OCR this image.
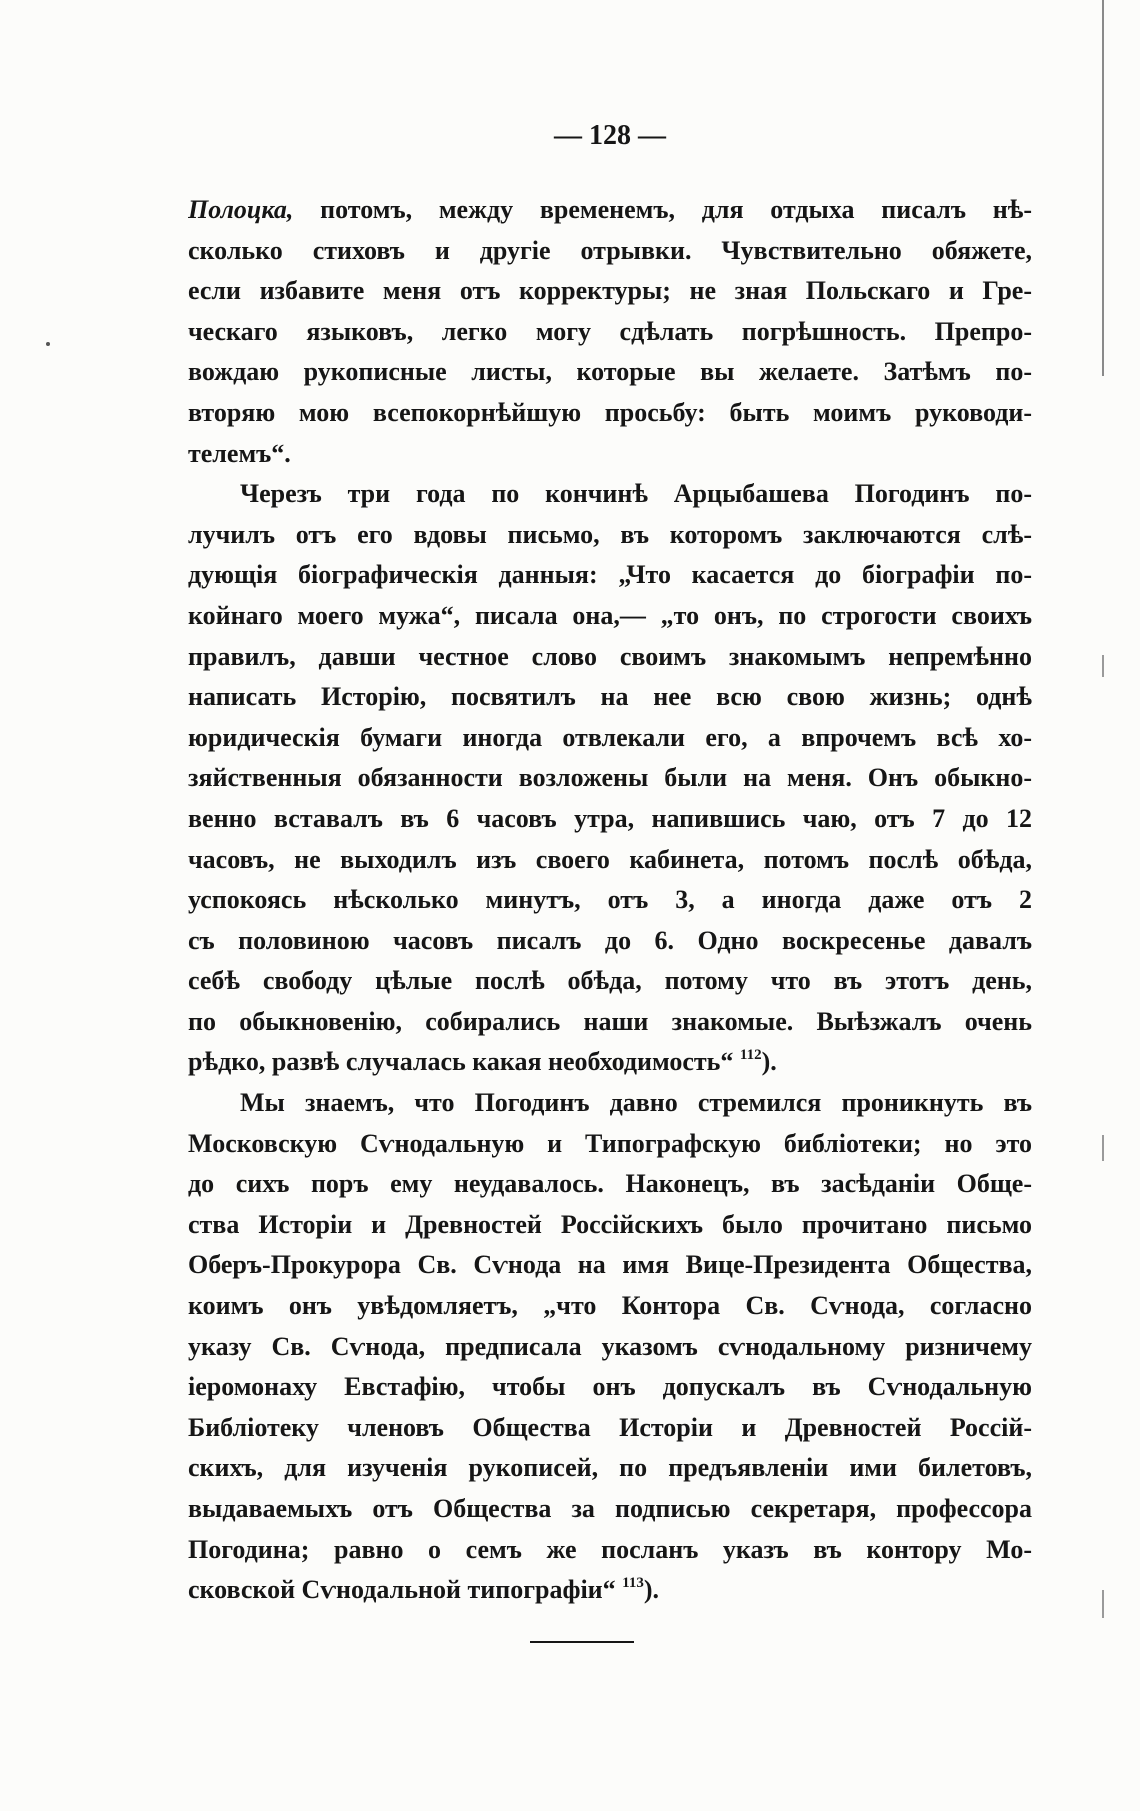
— 128 —
Полоцка, потомъ, между временемъ, для отдыха писалъ нѣ-
сколько стиховъ и другіе отрывки. Чувствительно обяжете,
если избавите меня отъ корректуры; не зная Польскаго и Гре-
ческаго языковъ, легко могу сдѣлать погрѣшность. Препро-
вождаю рукописные листы, которые вы желаете. Затѣмъ по-
вторяю мою всепокорнѣйшую просьбу: быть моимъ руководи-
телемъ“.
Черезъ три года по кончинѣ Арцыбашева Погодинъ по-
лучилъ отъ его вдовы письмо, въ которомъ заключаются слѣ-
дующія біографическія данныя: „Что касается до біографіи по-
койнаго моего мужа“, писала она,— „то онъ, по строгости своихъ
правилъ, давши честное слово своимъ знакомымъ непремѣнно
написать Исторію, посвятилъ на нее всю свою жизнь; однѣ
юридическія бумаги иногда отвлекали его, а впрочемъ всѣ хо-
зяйственныя обязанности возложены были на меня. Онъ обыкно-
венно вставалъ въ 6 часовъ утра, напившись чаю, отъ 7 до 12
часовъ, не выходилъ изъ своего кабинета, потомъ послѣ обѣда,
успокоясь нѣсколько минутъ, отъ 3, а иногда даже отъ 2
съ половиною часовъ писалъ до 6. Одно воскресенье давалъ
себѣ свободу цѣлые послѣ обѣда, потому что въ этотъ день,
по обыкновенію, собирались наши знакомые. Выѣзжалъ очень
рѣдко, развѣ случалась какая необходимость“ $^{112}$).
Мы знаемъ, что Погодинъ давно стремился проникнуть въ
Московскую Сѵнодальную и Типографскую библіотеки; но это
до сихъ поръ ему неудавалось. Наконецъ, въ засѣданіи Обще-
ства Исторіи и Древностей Россійскихъ было прочитано письмо
Оберъ-Прокурора Св. Сѵнода на имя Вице-Президента Общества,
коимъ онъ увѣдомляетъ, „что Контора Св. Сѵнода, согласно
указу Св. Сѵнода, предписала указомъ сѵнодальному ризничему
іеромонаху Евстафію, чтобы онъ допускалъ въ Сѵнодальную
Библіотеку членовъ Общества Исторіи и Древностей Россій-
скихъ, для изученія рукописей, по предъявленіи ими билетовъ,
выдаваемыхъ отъ Общества за подписью секретаря, профессора
Погодина; равно о семъ же посланъ указъ въ контору Мо-
сковской Сѵнодальной типографіи“ $^{113}$).
